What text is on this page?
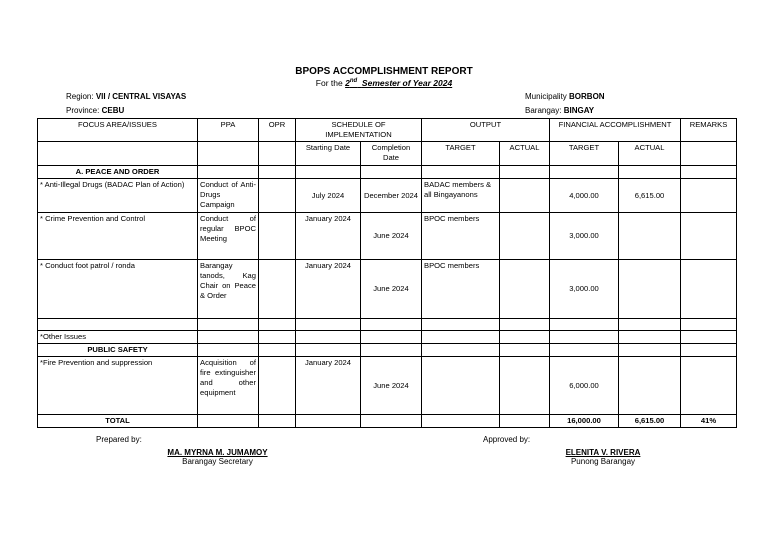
BPOPS ACCOMPLISHMENT REPORT
For the 2nd Semester of Year 2024
Region: VII / CENTRAL VISAYAS
Province: CEBU
Municipality BORBON
Barangay: BINGAY
FOCUS AREA/ISSUES	PPA	OPR	SCHEDULE OF IMPLEMENTATION		OUTPUT		FINANCIAL ACCOMPLISHMENT		REMARKS
			Starting Date	Completion Date	TARGET	ACTUAL	TARGET	ACTUAL	
A. PEACE AND ORDER									
* Anti-Illegal Drugs (BADAC Plan of Action)	Conduct of Anti-Drugs Campaign		July 2024	December 2024	BADAC members & all Bingayanons		4,000.00	6,615.00	
* Crime Prevention and Control	Conduct of regular BPOC Meeting		January 2024	June 2024	BPOC members		3,000.00		
* Conduct foot patrol / ronda	Barangay tanods, Kag Chair on Peace & Order		January 2024	June 2024	BPOC members		3,000.00		

*Other Issues									
PUBLIC SAFETY									
*Fire Prevention and suppression	Acquisition of fire extinguisher and other equipment		January 2024	June 2024			6,000.00		
TOTAL							16,000.00	6,615.00	41%
Prepared by:
MA. MYRNA M. JUMAMOY
Barangay Secretary
Approved by:
ELENITA V. RIVERA
Punong Barangay
